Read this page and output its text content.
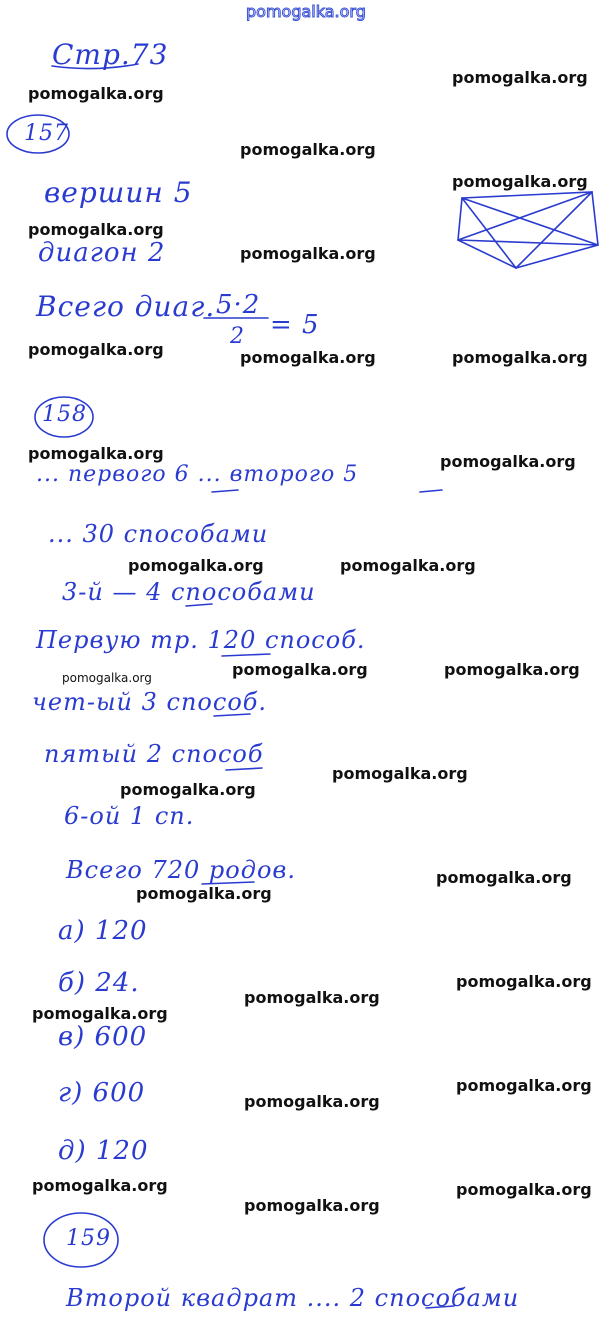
pomogalka.org
Стр.73
157
вершин 5
диагон 2
Всего диаг. 5·2
2 = 5
158
... первого 6 ... второго 5
... 30 способами
3-й — 4 способами
Первую тр. 120 способ.
чет-ый 3 способ.
пятый 2 способ
6-ой 1 сп.
Всего 720 родов.
а) 120
б) 24.
в) 600
г) 600
д) 120
159
Второй квадрат .... 2 способами
pomogalka.org
pomogalka.org
pomogalka.org
pomogalka.org
pomogalka.org
pomogalka.org
pomogalka.org	pomogalka.org	pomogalka.org
pomogalka.org	pomogalka.org
pomogalka.org	pomogalka.org
pomogalka.org	pomogalka.org
pomogalka.org
pomogalka.org
pomogalka.org
pomogalka.org
pomogalka.org
pomogalka.org
pomogalka.org
pomogalka.org
pomogalka.org
pomogalka.org
pomogalka.org	pomogalka.org
pomogalka.org
